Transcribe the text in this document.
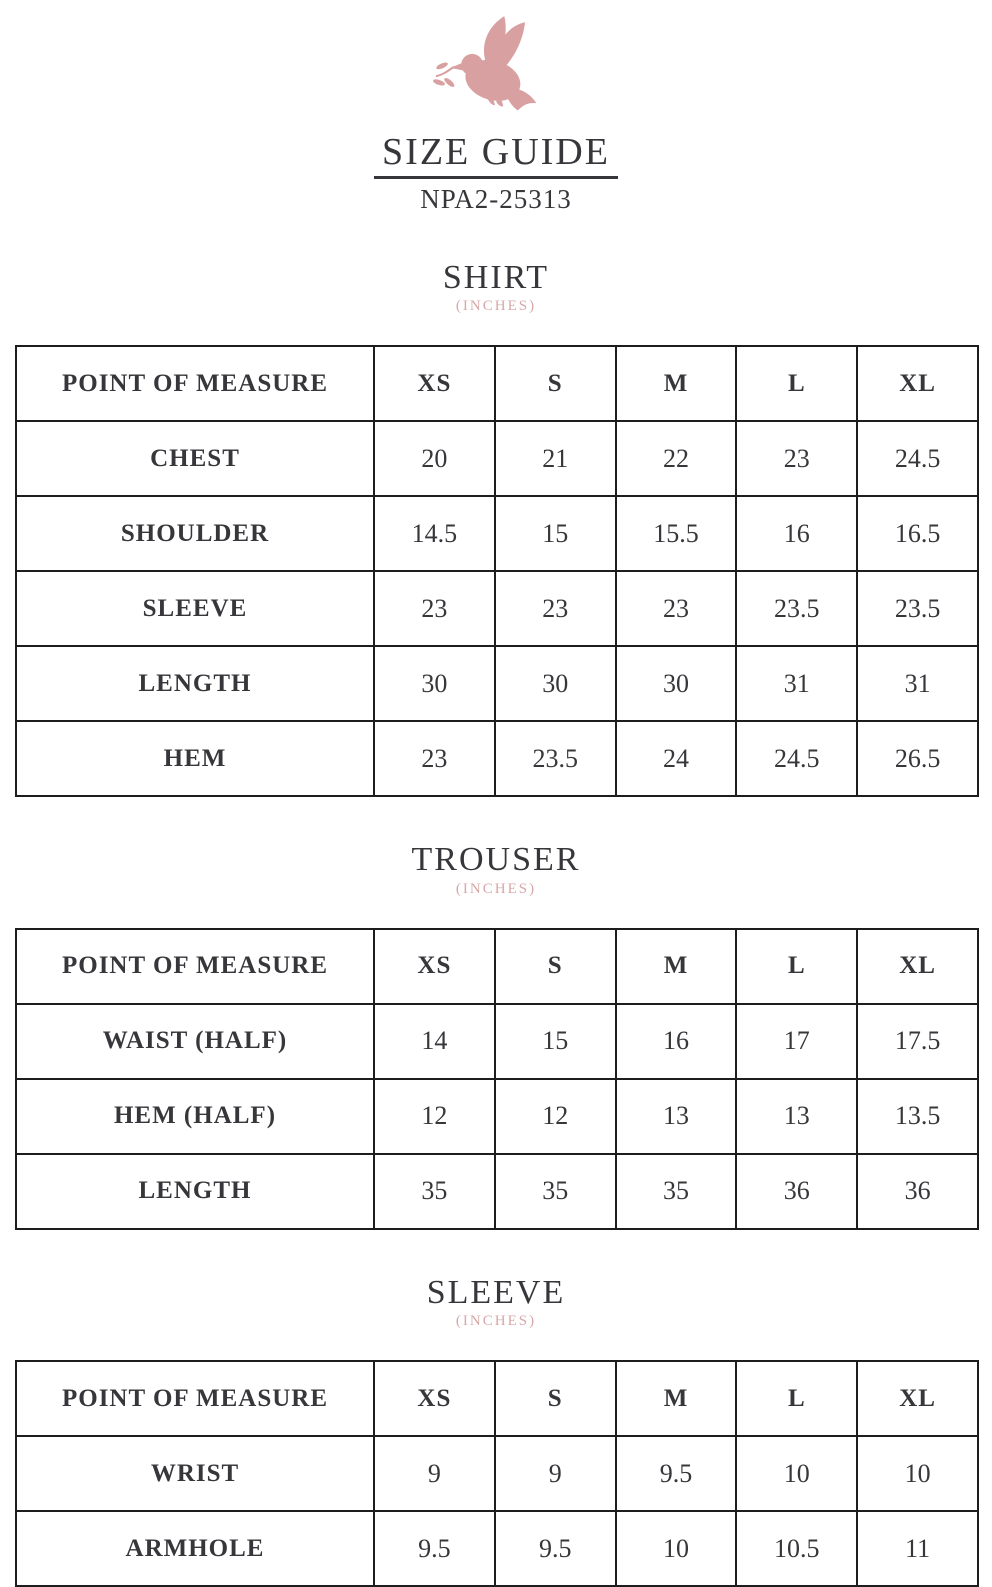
SIZE GUIDE
NPA2-25313
SHIRT
(INCHES)
POINT OF MEASURE	XS	S	M	L	XL
CHEST	20	21	22	23	24.5
SHOULDER	14.5	15	15.5	16	16.5
SLEEVE	23	23	23	23.5	23.5
LENGTH	30	30	30	31	31
HEM	23	23.5	24	24.5	26.5
TROUSER
(INCHES)
POINT OF MEASURE	XS	S	M	L	XL
WAIST (HALF)	14	15	16	17	17.5
HEM (HALF)	12	12	13	13	13.5
LENGTH	35	35	35	36	36
SLEEVE
(INCHES)
POINT OF MEASURE	XS	S	M	L	XL
WRIST	9	9	9.5	10	10
ARMHOLE	9.5	9.5	10	10.5	11
